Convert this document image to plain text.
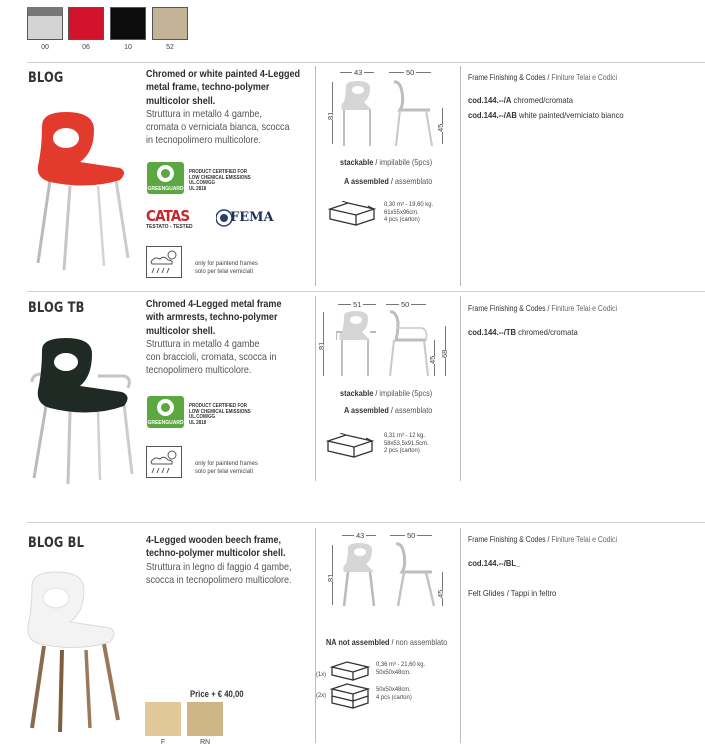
00	06	10	52
BLOG	Chromed or white painted 4-Legged
metal frame, techno-polymer
multicolor shell.
Struttura in metallo 4 gambe,
cromata o verniciata bianca, scocca
in tecnopolimero multicolore.
GREENGUARD
PRODUCT CERTIFIED FOR
LOW CHEMICAL EMISSIONS
UL.COM/GG
UL 2818
CATAS
TESTATO - TESTED
FEMA
only for paintend frames
solo per telai verniciati
43	50
81
45
stackable / impilabile (5pcs)
A assembled / assemblato
0,30 m³ - 19,60 kg.
61x55x96cm.
4 pcs (carton)
Frame Finishing & Codes / Finiture Telai e Codici
cod.144.--/A chromed/cromata
cod.144.--/AB white painted/verniciato bianco
BLOG TB	Chromed 4-Legged metal frame
with armrests, techno-polymer
multicolor shell.
Struttura in metallo 4 gambe
con braccioli, cromata, scocca in
tecnopolimero multicolore.
GREENGUARD
PRODUCT CERTIFIED FOR
LOW CHEMICAL EMISSIONS
UL.COM/GG
UL 2818
only for paintend frames
solo per telai verniciati
51	50
81
45
68
stackable / impilabile (5pcs)
A assembled / assemblato
0,31 m³ - 12 kg.
58x53,5x91,5cm.
2 pcs (carton)
Frame Finishing & Codes / Finiture Telai e Codici
cod.144.--/TB chromed/cromata
BLOG BL	4-Legged wooden beech frame,
techno-polymer multicolor shell.
Struttura in legno di faggio 4 gambe,
scocca in tecnopolimero multicolore.
Price + € 40,00
F	RN
43	50
81
45
NA not assembled / non assemblato
(1x)
0,36 m³ - 21,60 kg.
50x50x48cm.
(2x)
50x50x48cm.
4 pcs (carton)
Frame Finishing & Codes / Finiture Telai e Codici
cod.144.--/BL_
Felt Glides / Tappi in feltro
